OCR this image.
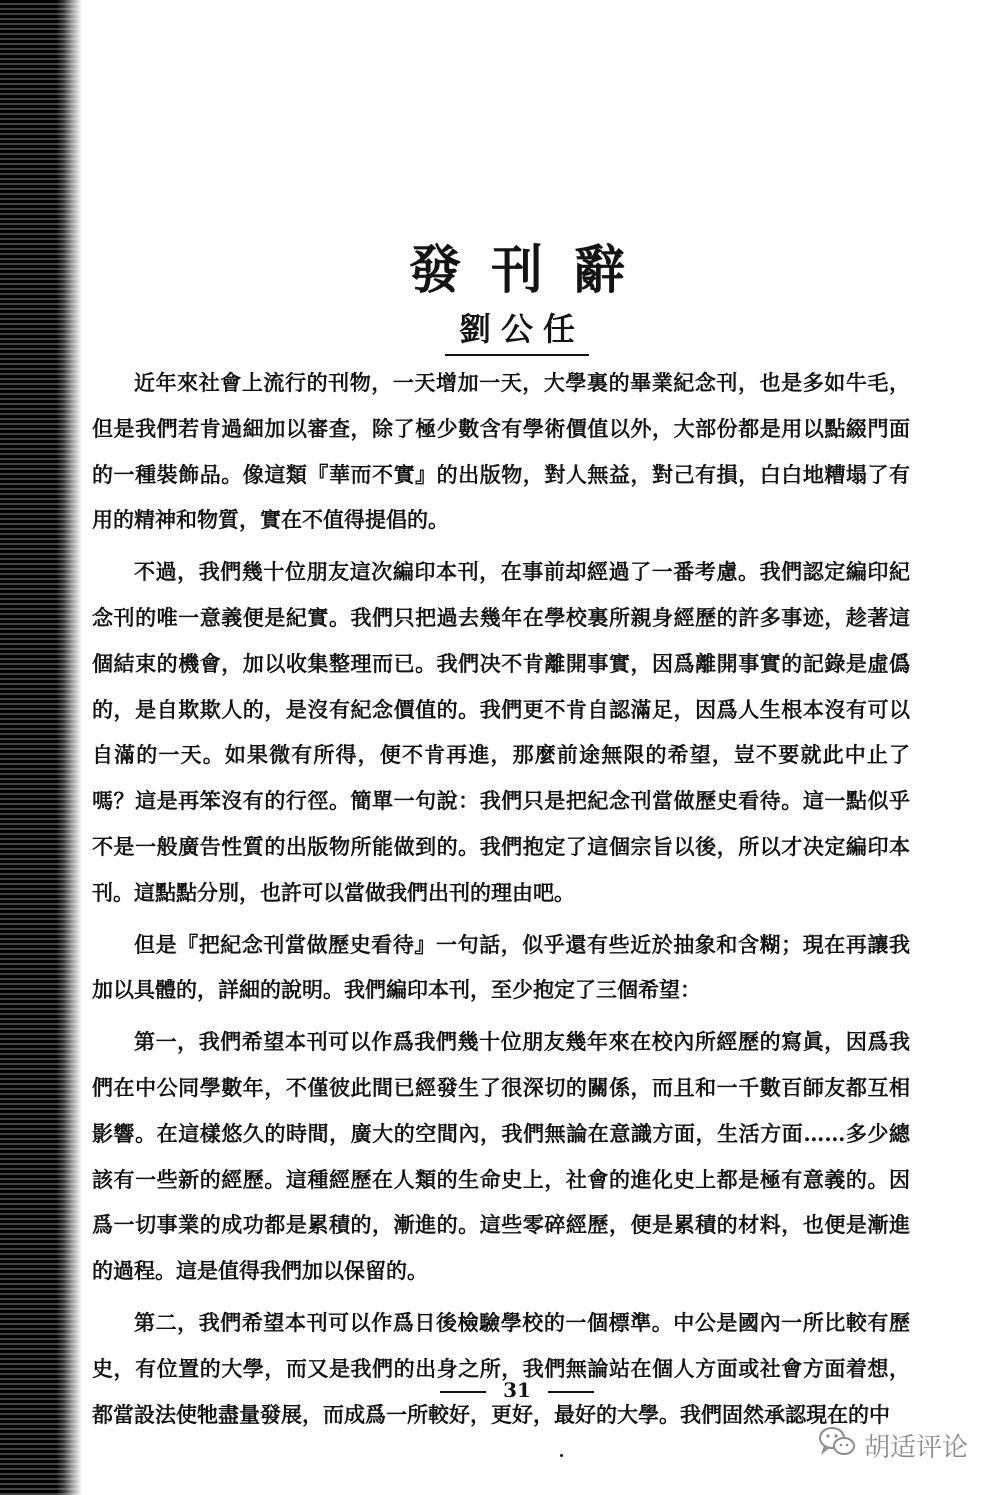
發刊辭
劉公任

近年來社會上流行的刊物，一天增加一天，大學裏的畢業紀念刊，也是多如牛毛，但是我們若肯過細加以審查，除了極少數含有學術價值以外，大部份都是用以點綴門面的一種裝飾品。像這類『華而不實』的出版物，對人無益，對己有損，白白地糟塌了有用的精神和物質，實在不值得提倡的。

不過，我們幾十位朋友這次編印本刊，在事前却經過了一番考慮。我們認定編印紀念刊的唯一意義便是紀實。我們只把過去幾年在學校裏所親身經歷的許多事迹，趁著這個結束的機會，加以收集整理而已。我們决不肯離開事實，因爲離開事實的記錄是虛僞的，是自欺欺人的，是沒有紀念價值的。我們更不肯自認滿足，因爲人生根本沒有可以自滿的一天。如果微有所得，便不肯再進，那麼前途無限的希望，豈不要就此中止了嗎？這是再笨沒有的行徑。簡單一句說：我們只是把紀念刊當做歷史看待。這一點似乎不是一般廣告性質的出版物所能做到的。我們抱定了這個宗旨以後，所以才决定編印本刊。這點點分別，也許可以當做我們出刊的理由吧。

但是『把紀念刊當做歷史看待』一句話，似乎還有些近於抽象和含糊；現在再讓我加以具體的，詳細的說明。我們編印本刊，至少抱定了三個希望：

第一，我們希望本刊可以作爲我們幾十位朋友幾年來在校內所經歷的寫眞，因爲我們在中公同學數年，不僅彼此間已經發生了很深切的關係，而且和一千數百師友都互相影響。在這樣悠久的時間，廣大的空間內，我們無論在意識方面，生活方面……多少總該有一些新的經歷。這種經歷在人類的生命史上，社會的進化史上都是極有意義的。因爲一切事業的成功都是累積的，漸進的。這些零碎經歷，便是累積的材料，也便是漸進的過程。這是值得我們加以保留的。

第二，我們希望本刊可以作爲日後檢驗學校的一個標準。中公是國內一所比較有歷史，有位置的大學，而又是我們的出身之所，我們無論站在個人方面或社會方面着想，都當設法使牠盡量發展，而成爲一所較好，更好，最好的大學。我們固然承認現在的中

31
胡适评论
